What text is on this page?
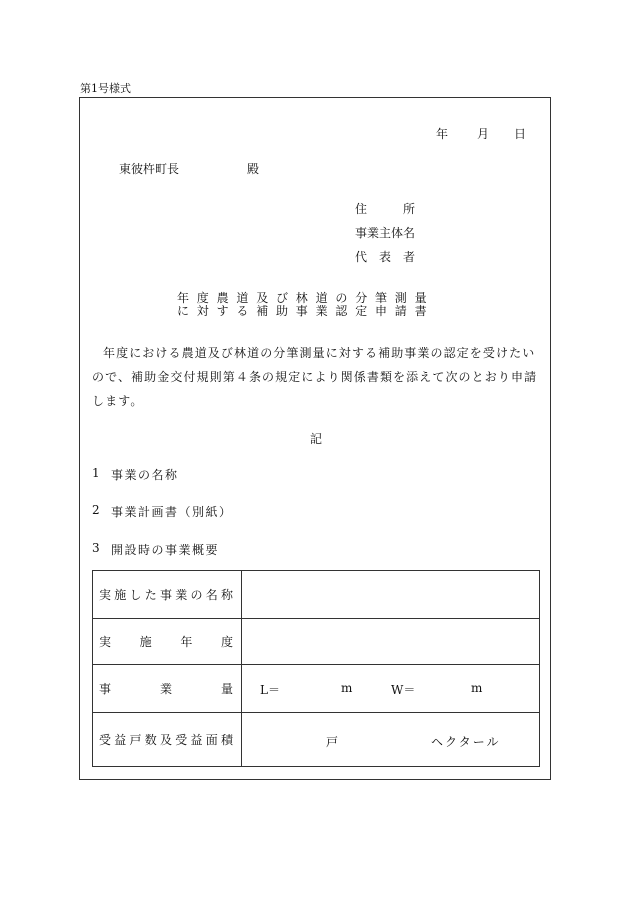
第1号様式
年 月 日
東彼杵町長	殿
住　所
事業主体名
代　表　者
年度農道及び林道の分筆測量
に対する補助事業認定申請書
年度における農道及び林道の分筆測量に対する補助事業の認定を受けたい
ので、補助金交付規則第４条の規定により関係書類を添えて次のとおり申請
します。
記
1 事業の名称
2 事業計画書（別紙）
3 開設時の事業概要
実施した事業の名称	

実施年度	

事業量	L＝ m W＝ m

受益戸数及受益面積	戸 ヘクタール
